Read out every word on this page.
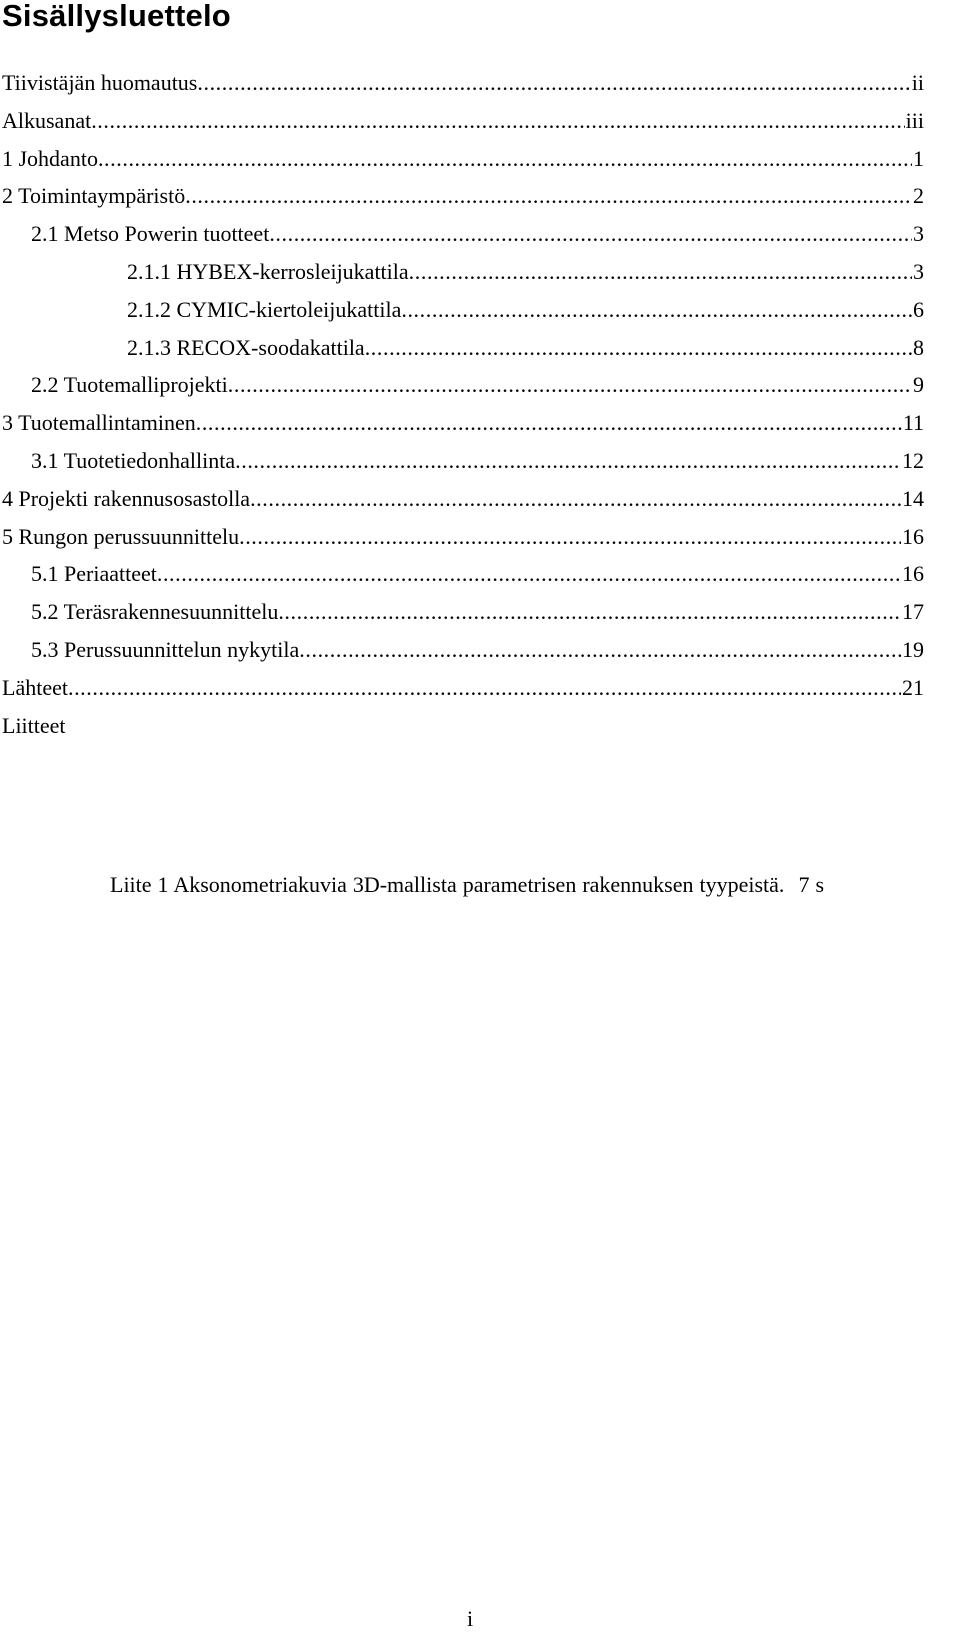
Sisällysluettelo
Tiivistäjän huomautus .....	ii
Alkusanat .....	iii
1 Johdanto .....	1
2 Toimintaympäristö .....	2
2.1 Metso Powerin tuotteet .....	3
2.1.1 HYBEX-kerrosleijukattila .....	3
2.1.2 CYMIC-kiertoleijukattila .....	6
2.1.3 RECOX-soodakattila .....	8
2.2 Tuotemalliprojekti .....	9
3 Tuotemallintaminen .....	11
3.1 Tuotetiedonhallinta .....	12
4 Projekti rakennusosastolla .....	14
5 Rungon perussuunnittelu .....	16
5.1 Periaatteet .....	16
5.2 Teräsrakennesuunnittelu .....	17
5.3 Perussuunnittelun nykytila .....	19
Lähteet .....	21
Liitteet
Liite 1 Aksonometriakuvia 3D-mallista parametrisen rakennuksen tyypeistä. 7 s
i
